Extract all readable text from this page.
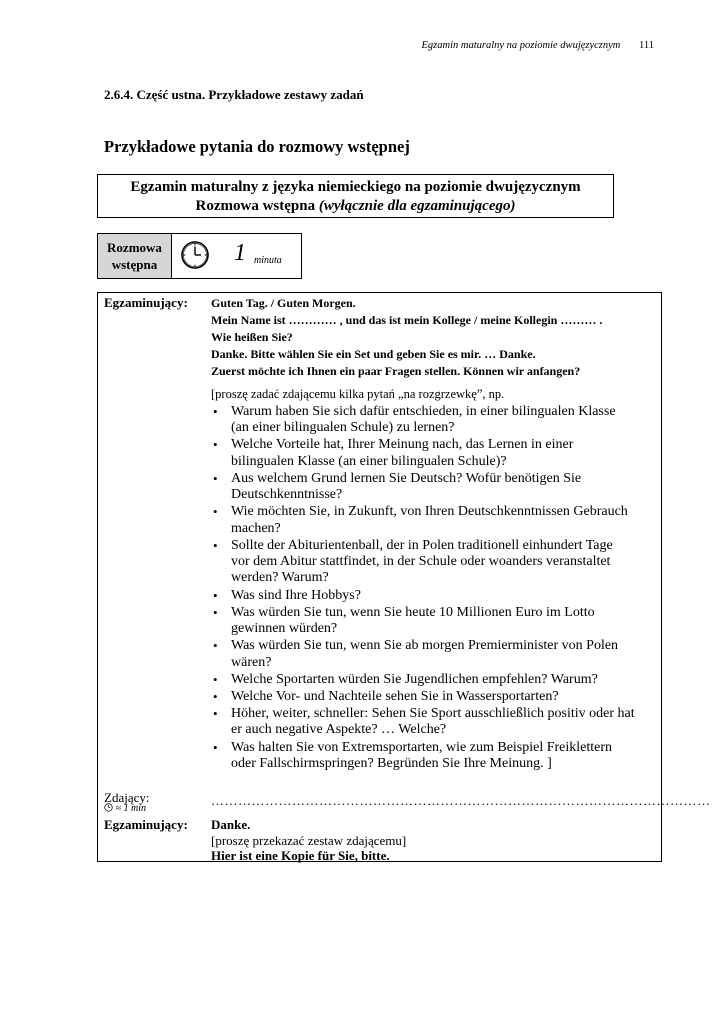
Egzamin maturalny na poziomie dwujęzycznym 111
2.6.4. Część ustna. Przykładowe zestawy zadań
Przykładowe pytania do rozmowy wstępnej
Egzamin maturalny z języka niemieckiego na poziomie dwujęzycznym
Rozmowa wstępna (wyłącznie dla egzaminującego)
Rozmowa
wstępna	1 minuta
Egzaminujący: Guten Tag. / Guten Morgen.
Mein Name ist ………… , und das ist mein Kollege / meine Kollegin ……… .
Wie heißen Sie?
Danke. Bitte wählen Sie ein Set und geben Sie es mir. … Danke.
Zuerst möchte ich Ihnen ein paar Fragen stellen. Können wir anfangen?
[proszę zadać zdającemu kilka pytań „na rozgrzewkę”, np.
• Warum haben Sie sich dafür entschieden, in einer bilingualen Klasse
(an einer bilingualen Schule) zu lernen?
• Welche Vorteile hat, Ihrer Meinung nach, das Lernen in einer
bilingualen Klasse (an einer bilingualen Schule)?
• Aus welchem Grund lernen Sie Deutsch? Wofür benötigen Sie
Deutschkenntnisse?
• Wie möchten Sie, in Zukunft, von Ihren Deutschkenntnissen Gebrauch
machen?
• Sollte der Abiturientenball, der in Polen traditionell einhundert Tage
vor dem Abitur stattfindet, in der Schule oder woanders veranstaltet
werden? Warum?
• Was sind Ihre Hobbys?
• Was würden Sie tun, wenn Sie heute 10 Millionen Euro im Lotto
gewinnen würden?
• Was würden Sie tun, wenn Sie ab morgen Premierminister von Polen
wären?
• Welche Sportarten würden Sie Jugendlichen empfehlen? Warum?
• Welche Vor- und Nachteile sehen Sie in Wassersportarten?
• Höher, weiter, schneller: Sehen Sie Sport ausschließlich positiv oder hat
er auch negative Aspekte? … Welche?
• Was halten Sie von Extremsportarten, wie zum Beispiel Freiklettern
oder Fallschirmspringen? Begründen Sie Ihre Meinung. ]
Zdający:
≈ 1 min
…………………………………………………………………………………………………
Egzaminujący: Danke.
[proszę przekazać zestaw zdającemu]
Hier ist eine Kopie für Sie, bitte.
